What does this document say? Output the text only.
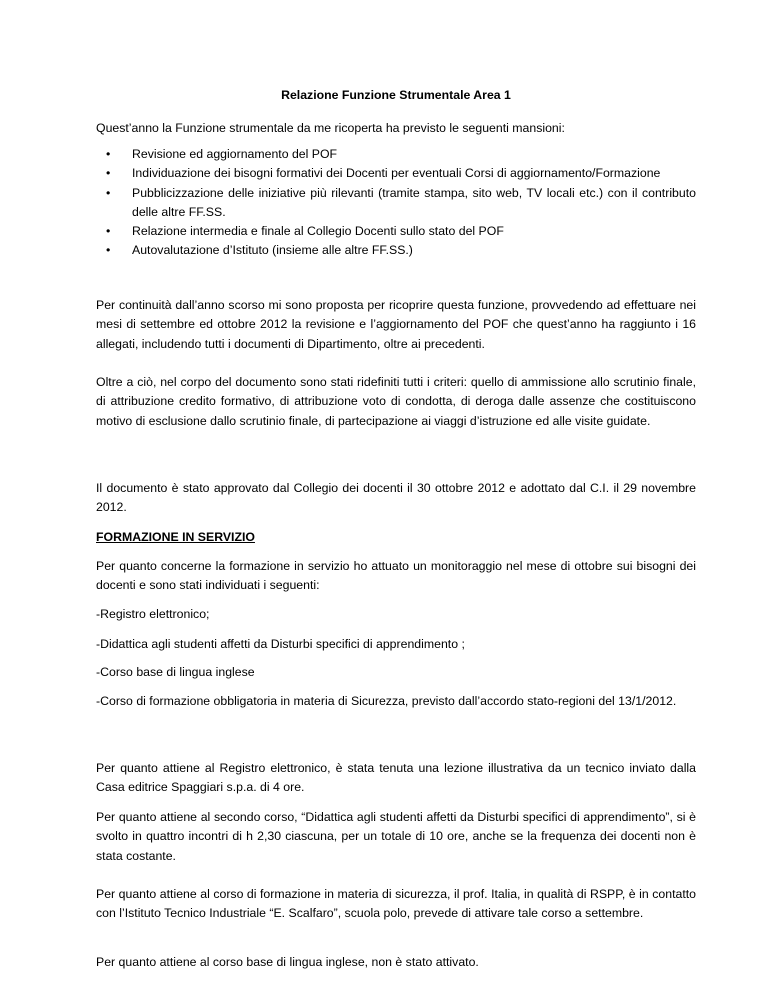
Relazione Funzione Strumentale Area 1

Quest’anno la Funzione strumentale da me ricoperta ha previsto le seguenti mansioni:

• Revisione ed aggiornamento del POF
• Individuazione dei bisogni formativi dei Docenti per eventuali Corsi di aggiornamento/Formazione
• Pubblicizzazione delle iniziative più rilevanti (tramite stampa, sito web, TV locali etc.) con il contributo delle altre FF.SS.
• Relazione intermedia e finale al Collegio Docenti sullo stato del POF
• Autovalutazione d’Istituto (insieme alle altre FF.SS.)

Per continuità dall’anno scorso mi sono proposta per ricoprire questa funzione, provvedendo ad effettuare nei mesi di settembre ed ottobre 2012 la revisione e l’aggiornamento del POF che quest’anno ha raggiunto i 16 allegati, includendo tutti i documenti di Dipartimento, oltre ai precedenti.

Oltre a ciò, nel corpo del documento sono stati ridefiniti tutti i criteri: quello di ammissione allo scrutinio finale, di attribuzione credito formativo, di attribuzione voto di condotta, di deroga dalle assenze che costituiscono motivo di esclusione dallo scrutinio finale, di partecipazione ai viaggi d’istruzione ed alle visite guidate.

Il documento è stato approvato dal Collegio dei docenti il 30 ottobre 2012 e adottato dal C.I. il 29 novembre 2012.

FORMAZIONE IN SERVIZIO

Per quanto concerne la formazione in servizio ho attuato un monitoraggio nel mese di ottobre sui bisogni dei docenti e sono stati individuati i seguenti:

-Registro elettronico;

-Didattica agli studenti affetti da Disturbi specifici di apprendimento ;

-Corso base di lingua inglese

-Corso di formazione obbligatoria in materia di Sicurezza, previsto dall’accordo stato-regioni del 13/1/2012.

Per quanto attiene al Registro elettronico, è stata tenuta una lezione illustrativa da un tecnico inviato dalla Casa editrice Spaggiari s.p.a. di 4 ore.

Per quanto attiene al secondo corso, “Didattica agli studenti affetti da Disturbi specifici di apprendimento”, si è svolto in quattro incontri di h 2,30 ciascuna, per un totale di 10 ore, anche se la frequenza dei docenti non è stata costante.

Per quanto attiene al corso di formazione in materia di sicurezza, il prof. Italia, in qualità di RSPP, è in contatto con l’Istituto Tecnico Industriale “E. Scalfaro”, scuola polo, prevede di attivare tale corso a settembre.

Per quanto attiene al corso base di lingua inglese, non è stato attivato.
